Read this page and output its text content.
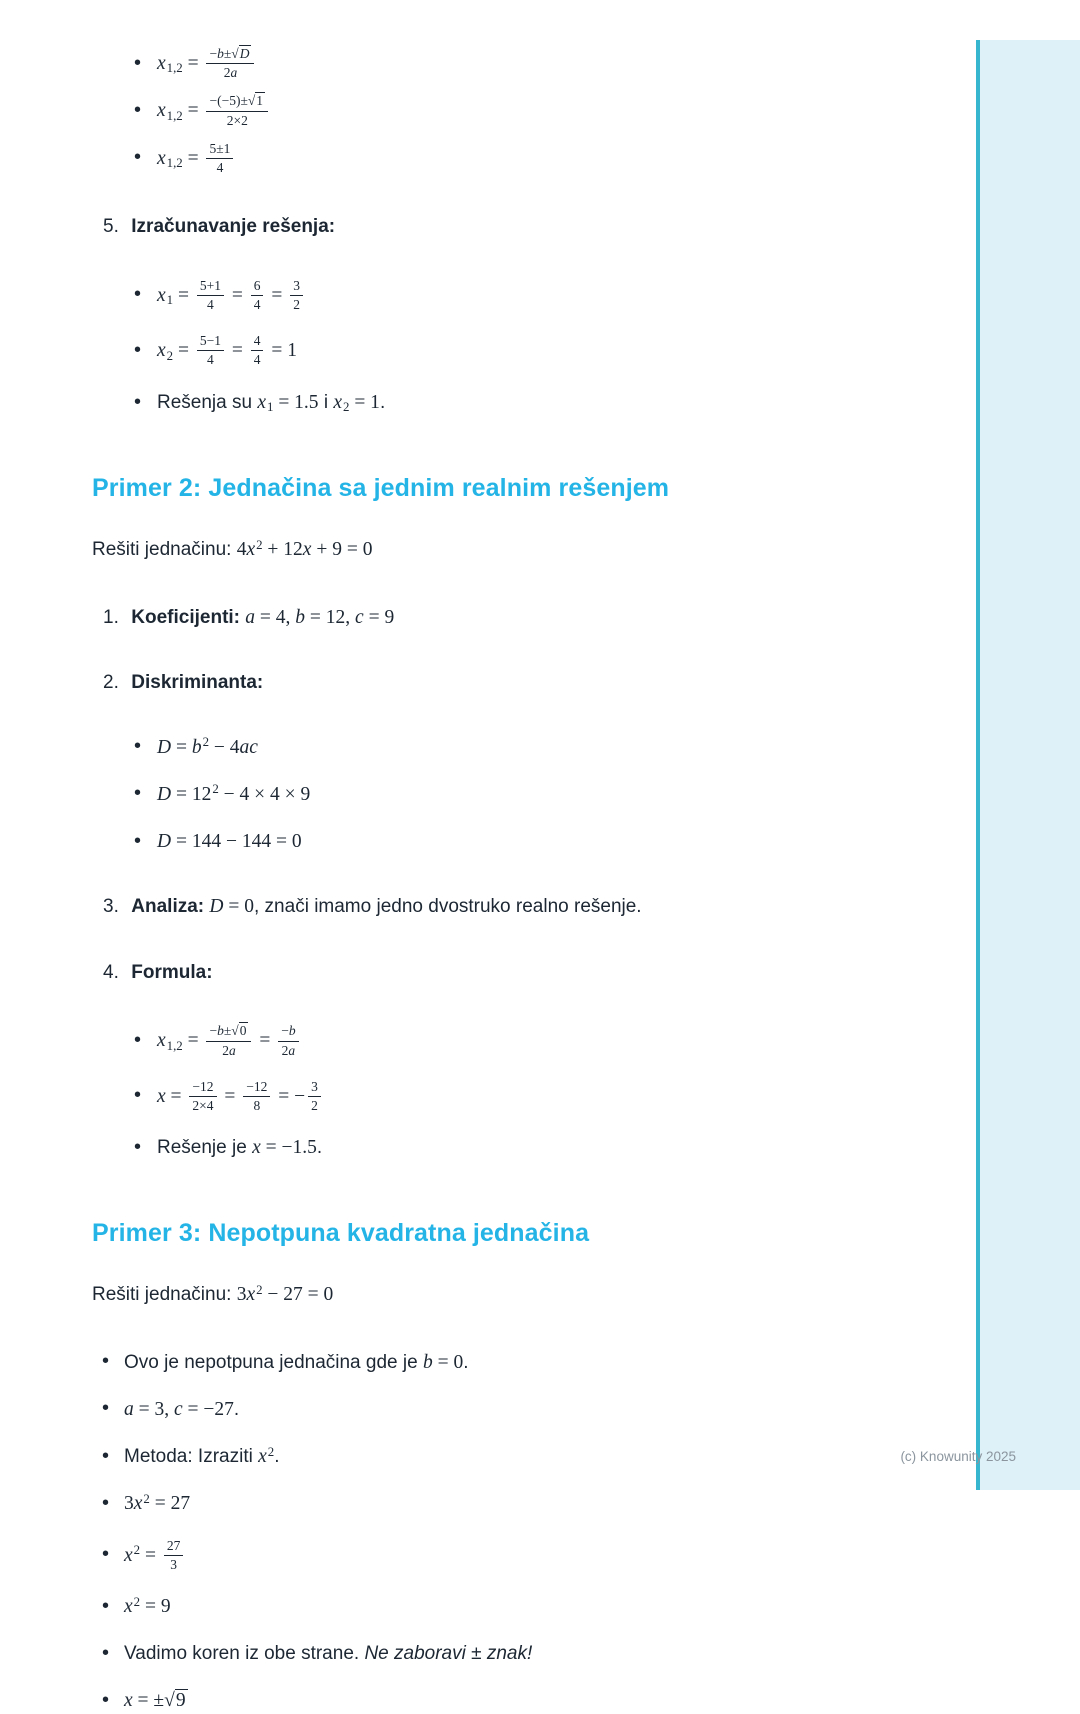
•
$x1,2 = \frac{-b\pm√D}{2a}$
•
$x1,2 = \frac{-(-5)\pm√1}{2\times 2}$
•
$x1,2 = \frac{5\pm 1}{4}$
5. Izračunavanje rešenja:
•
$x1 = \frac{5+1}{4} = \frac{6}{4} = \frac{3}{2}$
•
$x2 = \frac{5-1}{4} = \frac{4}{4} = 1$
•
Rešenja su x1 = 1.5 i x2 = 1.
Primer 2: Jednačina sa jednim realnim rešenjem

Rešiti jednačinu: $4x^2 + 12x + 9 = 0$

1. Koeficijenti: a = 4, b = 12, c = 9
2. Diskriminanta:
•
$D = b^2 - 4ac$
•
$D = 12^2 - 4 \times 4 \times 9$
•
D = 144 − 144 = 0
3. Analiza: D = 0, znači imamo jedno dvostruko realno rešenje.
4. Formula:
•
$x1,2 = \frac{-b\pm√0}{2a} = \frac{-b}{2a}$
•
$x = \frac{-12}{2\times 4} = \frac{-12}{8}$ = − $\frac{3}{2}$
•
Rešenje je x = −1.5.
Primer 3: Nepotpuna kvadratna jednačina

Rešiti jednačinu: $3x^2 - 27 = 0$

•
Ovo je nepotpuna jednačina gde je b = 0.
•
a = 3, c = −27.
•
Metoda: Izraziti $x^2$.
•
$3x^2 = 27$
•
$x^2 = \frac{27}{3}$
•
$x^2 = 9$
•
Vadimo koren iz obe strane. Ne zaboravi ± znak!
•
x = ±√9
(c) Knowunity 2025
